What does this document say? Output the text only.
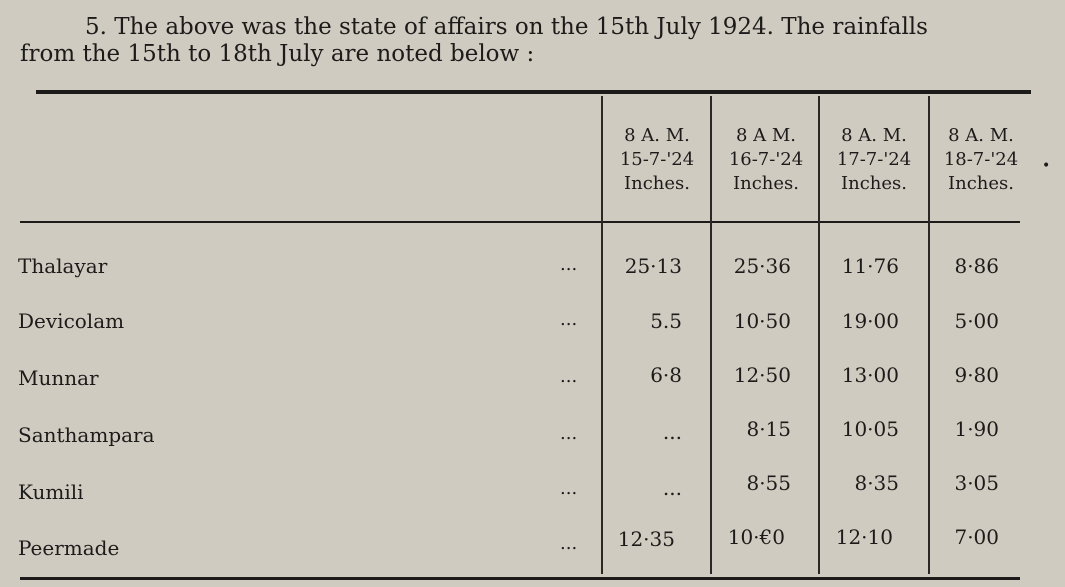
5. The above was the state of affairs on the 15th July 1924. The rainfalls
from the 15th to 18th July are noted below :
•
8 A. M.
15-7-'24
Inches.
8 A M.
16-7-'24
Inches.
8 A. M.
17-7-'24
Inches.
8 A. M.
18-7-'24
Inches.
Thalayar	...	25·13	25·36	11·76	8·86
Devicolam	...	5.5	10·50	19·00	5·00
Munnar	...	6·8	12·50	13·00	9·80
Santhampara	...	...	8·15	10·05	1·90
Kumili	...	...	8·55	8·35	3·05
Peermade	...	12·35	10·€0	12·10	7·00
